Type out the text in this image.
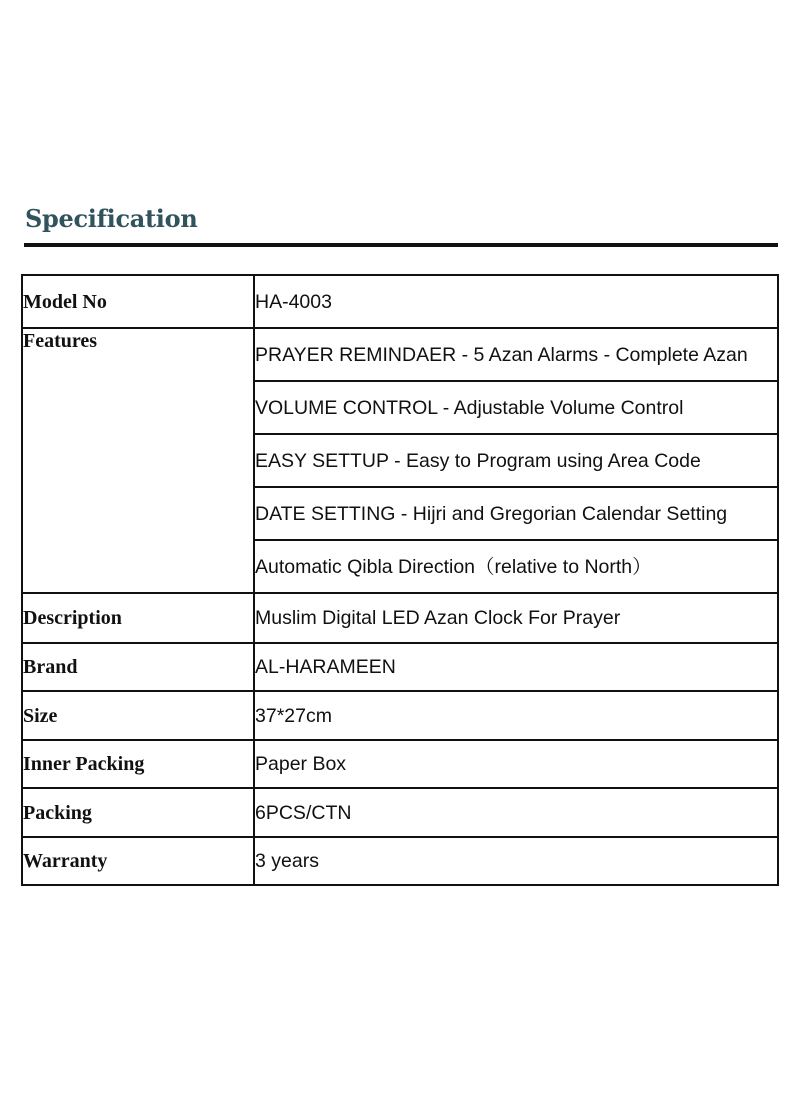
Specification
Model No	HA-4003
Features	PRAYER REMINDAER - 5 Azan Alarms - Complete Azan
	VOLUME CONTROL - Adjustable Volume Control
	EASY SETTUP - Easy to Program using Area Code
	DATE SETTING - Hijri and Gregorian Calendar Setting
	Automatic Qibla Direction（relative to North）
Description	Muslim Digital LED Azan Clock For Prayer
Brand	AL-HARAMEEN
Size	37*27cm
Inner Packing	Paper Box
Packing	6PCS/CTN
Warranty	3 years
